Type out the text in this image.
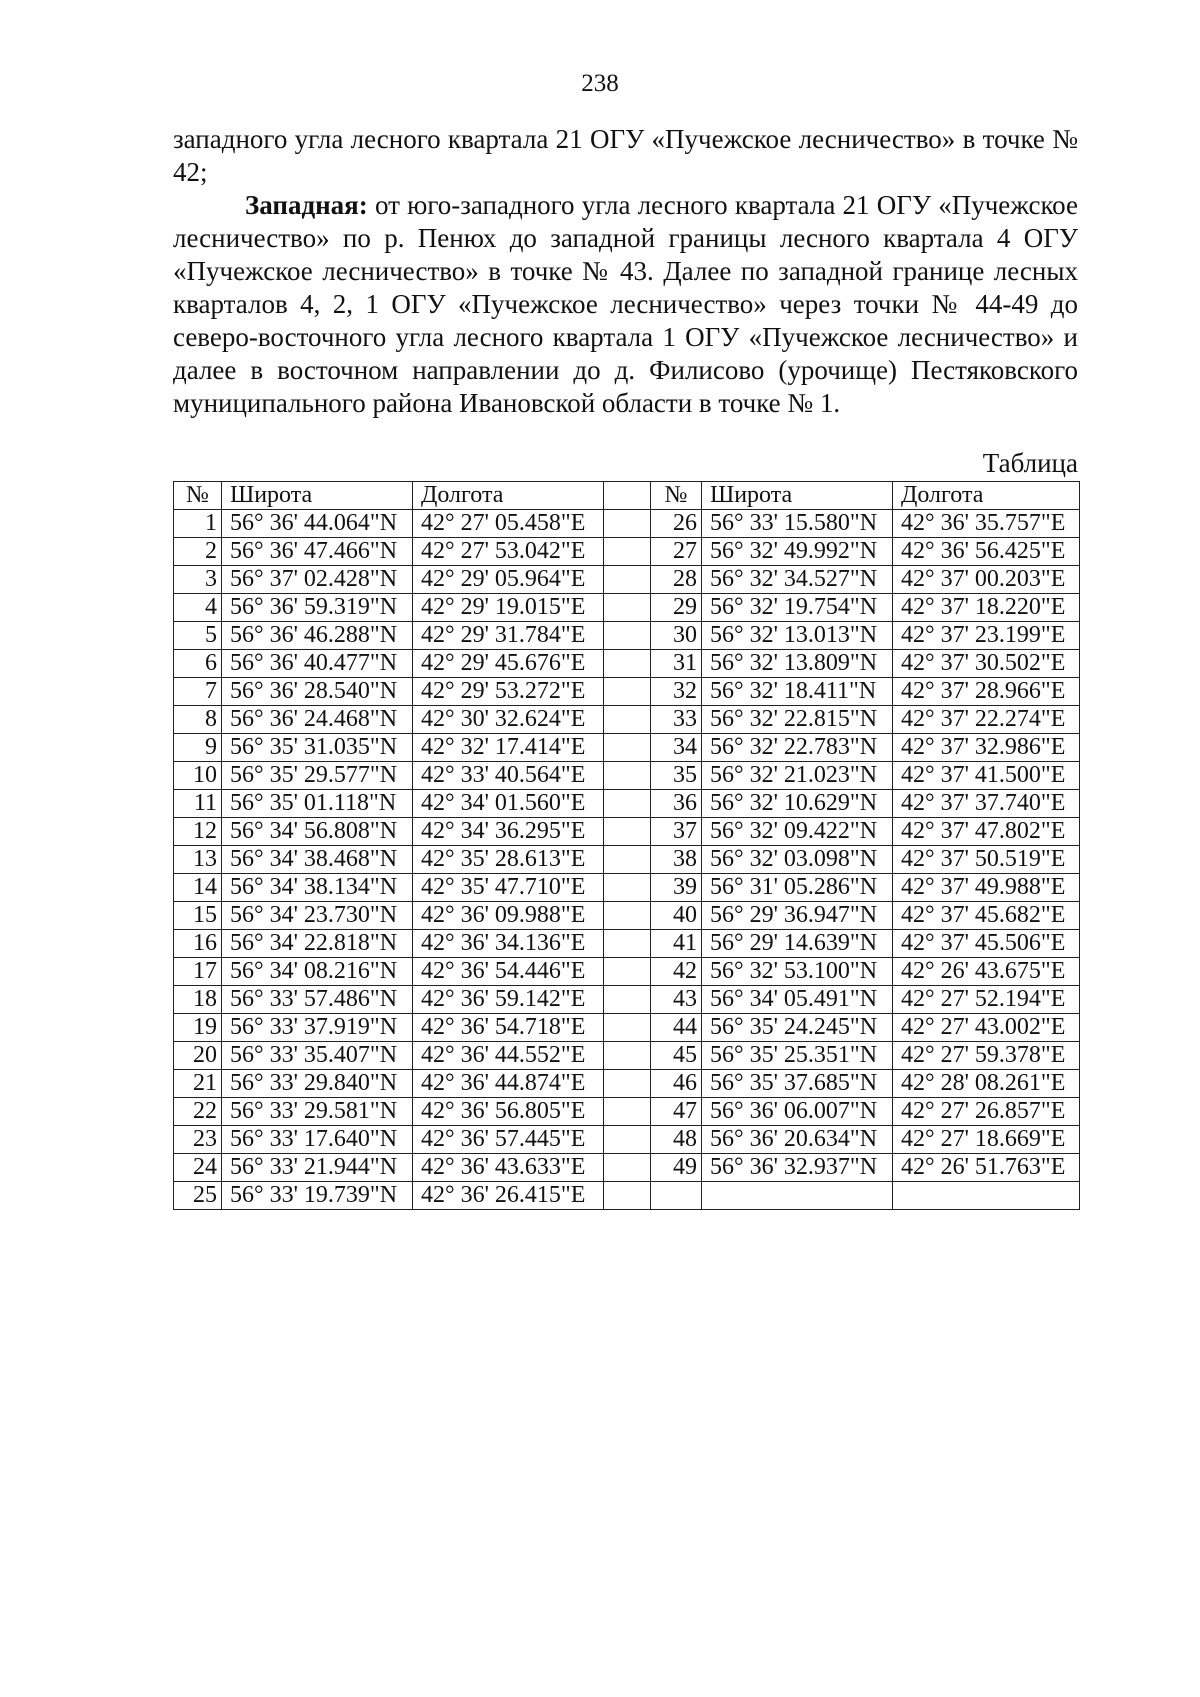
238
западного угла лесного квартала 21 ОГУ «Пучежское лесничество» в точке № 42;
Западная: от юго-западного угла лесного квартала 21 ОГУ «Пучежское лесничество» по р. Пенюх до западной границы лесного квартала 4 ОГУ «Пучежское лесничество» в точке № 43. Далее по западной границе лесных кварталов 4, 2, 1 ОГУ «Пучежское лесничество» через точки № 44-49 до северо-восточного угла лесного квартала 1 ОГУ «Пучежское лесничество» и далее в восточном направлении до д. Филисово (урочище) Пестяковского муниципального района Ивановской области в точке № 1.
Таблица
№	Широта	Долгота		№	Широта	Долгота
1	56° 36' 44.064"N	42° 27' 05.458"E		26	56° 33' 15.580"N	42° 36' 35.757"E
2	56° 36' 47.466"N	42° 27' 53.042"E		27	56° 32' 49.992"N	42° 36' 56.425"E
3	56° 37' 02.428"N	42° 29' 05.964"E		28	56° 32' 34.527"N	42° 37' 00.203"E
4	56° 36' 59.319"N	42° 29' 19.015"E		29	56° 32' 19.754"N	42° 37' 18.220"E
5	56° 36' 46.288"N	42° 29' 31.784"E		30	56° 32' 13.013"N	42° 37' 23.199"E
6	56° 36' 40.477"N	42° 29' 45.676"E		31	56° 32' 13.809"N	42° 37' 30.502"E
7	56° 36' 28.540"N	42° 29' 53.272"E		32	56° 32' 18.411"N	42° 37' 28.966"E
8	56° 36' 24.468"N	42° 30' 32.624"E		33	56° 32' 22.815"N	42° 37' 22.274"E
9	56° 35' 31.035"N	42° 32' 17.414"E		34	56° 32' 22.783"N	42° 37' 32.986"E
10	56° 35' 29.577"N	42° 33' 40.564"E		35	56° 32' 21.023"N	42° 37' 41.500"E
11	56° 35' 01.118"N	42° 34' 01.560"E		36	56° 32' 10.629"N	42° 37' 37.740"E
12	56° 34' 56.808"N	42° 34' 36.295"E		37	56° 32' 09.422"N	42° 37' 47.802"E
13	56° 34' 38.468"N	42° 35' 28.613"E		38	56° 32' 03.098"N	42° 37' 50.519"E
14	56° 34' 38.134"N	42° 35' 47.710"E		39	56° 31' 05.286"N	42° 37' 49.988"E
15	56° 34' 23.730"N	42° 36' 09.988"E		40	56° 29' 36.947"N	42° 37' 45.682"E
16	56° 34' 22.818"N	42° 36' 34.136"E		41	56° 29' 14.639"N	42° 37' 45.506"E
17	56° 34' 08.216"N	42° 36' 54.446"E		42	56° 32' 53.100"N	42° 26' 43.675"E
18	56° 33' 57.486"N	42° 36' 59.142"E		43	56° 34' 05.491"N	42° 27' 52.194"E
19	56° 33' 37.919"N	42° 36' 54.718"E		44	56° 35' 24.245"N	42° 27' 43.002"E
20	56° 33' 35.407"N	42° 36' 44.552"E		45	56° 35' 25.351"N	42° 27' 59.378"E
21	56° 33' 29.840"N	42° 36' 44.874"E		46	56° 35' 37.685"N	42° 28' 08.261"E
22	56° 33' 29.581"N	42° 36' 56.805"E		47	56° 36' 06.007"N	42° 27' 26.857"E
23	56° 33' 17.640"N	42° 36' 57.445"E		48	56° 36' 20.634"N	42° 27' 18.669"E
24	56° 33' 21.944"N	42° 36' 43.633"E		49	56° 36' 32.937"N	42° 26' 51.763"E
25	56° 33' 19.739"N	42° 36' 26.415"E				
